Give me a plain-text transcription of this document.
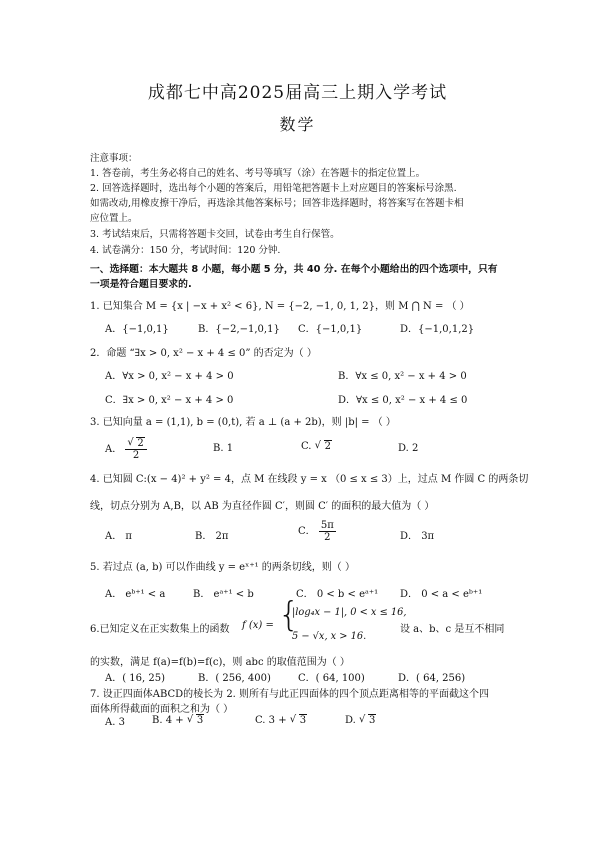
成都七中高2025届高三上期入学考试
数学
注意事项：
1. 答卷前，考生务必将自己的姓名、考号等填写（涂）在答题卡的指定位置上。
2. 回答选择题时，选出每个小题的答案后，用铅笔把答题卡上对应题目的答案标号涂黑.
如需改动,用橡皮擦干净后，再选涂其他答案标号；回答非选择题时，将答案写在答题卡相
应位置上。
3. 考试结束后，只需将答题卡交回，试卷由考生自行保管。
4. 试卷满分：150 分，考试时间：120 分钟.
一、选择题：本大题共 8 小题，每小题 5 分，共 40 分. 在每个小题给出的四个选项中，只有
一项是符合题目要求的.
1. 已知集合 M = {x | −x + x² < 6}, N = {−2, −1, 0, 1, 2}，则 M ⋂ N = （ ）
A．{−1,0,1}	B．{−2,−1,0,1} C．{−1,0,1}	D．{−1,0,1,2}
2．命题 “∃x > 0, x² − x + 4 ≤ 0” 的否定为（ ）
A．∀x > 0, x² − x + 4 > 0	B．∀x ≤ 0, x² − x + 4 > 0
C．∃x > 0, x² − x + 4 > 0	D．∀x ≤ 0, x² − x + 4 ≤ 0
3. 已知向量 a = (1,1), b = (0,t), 若 a ⊥ (a + 2b)，则 |b| = （ ）
A． $\frac{√ 2}{2}$	B. 1	C. √ 2	D. 2
4. 已知圆 C:(x − 4)² + y² = 4，点 M 在线段 y = x （0 ≤ x ≤ 3）上，过点 M 作圆 C 的两条切
线，切点分别为 A,B，以 AB 为直径作圆 C′，则圆 C′ 的面积的最大值为（ ）
A． π	B． 2π	C． $\frac{5\pi}{2}$	D． 3π
5. 若过点 (a, b) 可以作曲线 y = eˣ⁺¹ 的两条切线，则（ ）
A． eᵇ⁺¹ < a	B． eᵃ⁺¹ < b	C． 0 < b < eᵃ⁺¹ D． 0 < a < eᵇ⁺¹
6.已知定义在正实数集上的函数 f (x) = {
|log₄x − 1|, 0 < x ≤ 16,
5 − √x, x > 16.
设 a、b、c 是互不相同
的实数，满足 f(a)=f(b)=f(c)，则 abc 的取值范围为（ ）
A．( 16, 25)	B．( 256, 400)	C．( 64, 100)	D．( 64, 256)
7. 设正四面体ABCD的棱长为 2. 则所有与此正四面体的四个顶点距离相等的平面截这个四
面体所得截面的面积之和为（ ）
A. 3	B. 4 + √ 3	C. 3 + √ 3	D. √ 3
